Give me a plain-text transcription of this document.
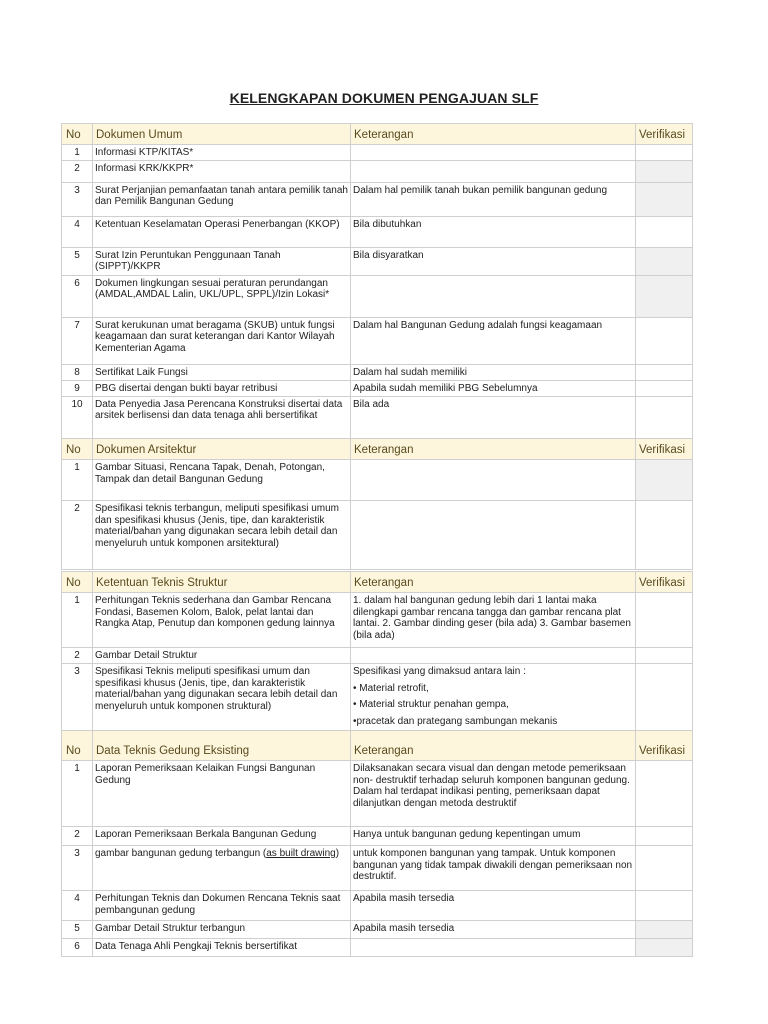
KELENGKAPAN DOKUMEN PENGAJUAN SLF
No	Dokumen Umum	Keterangan	Verifikasi
1	Informasi KTP/KITAS*		
2	Informasi KRK/KKPR*		
3	Surat Perjanjian pemanfaatan tanah antara pemilik tanah dan Pemilik Bangunan Gedung	Dalam hal pemilik tanah bukan pemilik bangunan gedung	
4	Ketentuan Keselamatan Operasi Penerbangan (KKOP)	Bila dibutuhkan	
5	Surat Izin Peruntukan Penggunaan Tanah (SIPPT)/KKPR	Bila disyaratkan	
6	Dokumen lingkungan sesuai peraturan perundangan (AMDAL,AMDAL Lalin, UKL/UPL, SPPL)/Izin Lokasi*		
7	Surat kerukunan umat beragama (SKUB) untuk fungsi keagamaan dan surat keterangan dari Kantor Wilayah Kementerian Agama	Dalam hal Bangunan Gedung adalah fungsi keagamaan	
8	Sertifikat Laik Fungsi	Dalam hal sudah memiliki	
9	PBG disertai dengan bukti bayar retribusi	Apabila sudah memiliki PBG Sebelumnya	
10	Data Penyedia Jasa Perencana Konstruksi disertai data arsitek berlisensi dan data tenaga ahli bersertifikat	Bila ada	
No	Dokumen Arsitektur	Keterangan	Verifikasi
1	Gambar Situasi, Rencana Tapak, Denah, Potongan, Tampak dan detail Bangunan Gedung		
2	Spesifikasi teknis terbangun, meliputi spesifikasi umum dan spesifikasi khusus (Jenis, tipe, dan karakteristik material/bahan yang digunakan secara lebih detail dan menyeluruh untuk komponen arsitektural)		
No	Ketentuan Teknis Struktur	Keterangan	Verifikasi
1	Perhitungan Teknis sederhana dan Gambar Rencana Fondasi, Basemen Kolom, Balok, pelat lantai dan Rangka Atap, Penutup dan komponen gedung lainnya	1. dalam hal bangunan gedung lebih dari 1 lantai maka dilengkapi gambar rencana tangga dan gambar rencana plat lantai. 2. Gambar dinding geser (bila ada) 3. Gambar basemen (bila ada)	
2	Gambar Detail Struktur		
3	Spesifikasi Teknis meliputi spesifikasi umum dan spesifikasi khusus (Jenis, tipe, dan karakteristik material/bahan yang digunakan secara lebih detail dan menyeluruh untuk komponen struktural)	Spesifikasi yang dimaksud antara lain :
• Material retrofit,
• Material struktur penahan gempa,
•pracetak dan prategang sambungan mekanis	

No	Data Teknis Gedung Eksisting	Keterangan	Verifikasi
1	Laporan Pemeriksaan Kelaikan Fungsi Bangunan Gedung	Dilaksanakan secara visual dan dengan metode pemeriksaan non- destruktif terhadap seluruh komponen bangunan gedung. Dalam hal terdapat indikasi penting, pemeriksaan dapat dilanjutkan dengan metoda destruktif	
2	Laporan Pemeriksaan Berkala Bangunan Gedung	Hanya untuk bangunan gedung kepentingan umum	
3	gambar bangunan gedung terbangun (as built drawing)	untuk komponen bangunan yang tampak. Untuk komponen bangunan yang tidak tampak diwakili dengan pemeriksaan non destruktif.	
4	Perhitungan Teknis dan Dokumen Rencana Teknis saat pembangunan gedung	Apabila masih tersedia	
5	Gambar Detail Struktur terbangun	Apabila masih tersedia	
6	Data Tenaga Ahli Pengkaji Teknis bersertifikat		
